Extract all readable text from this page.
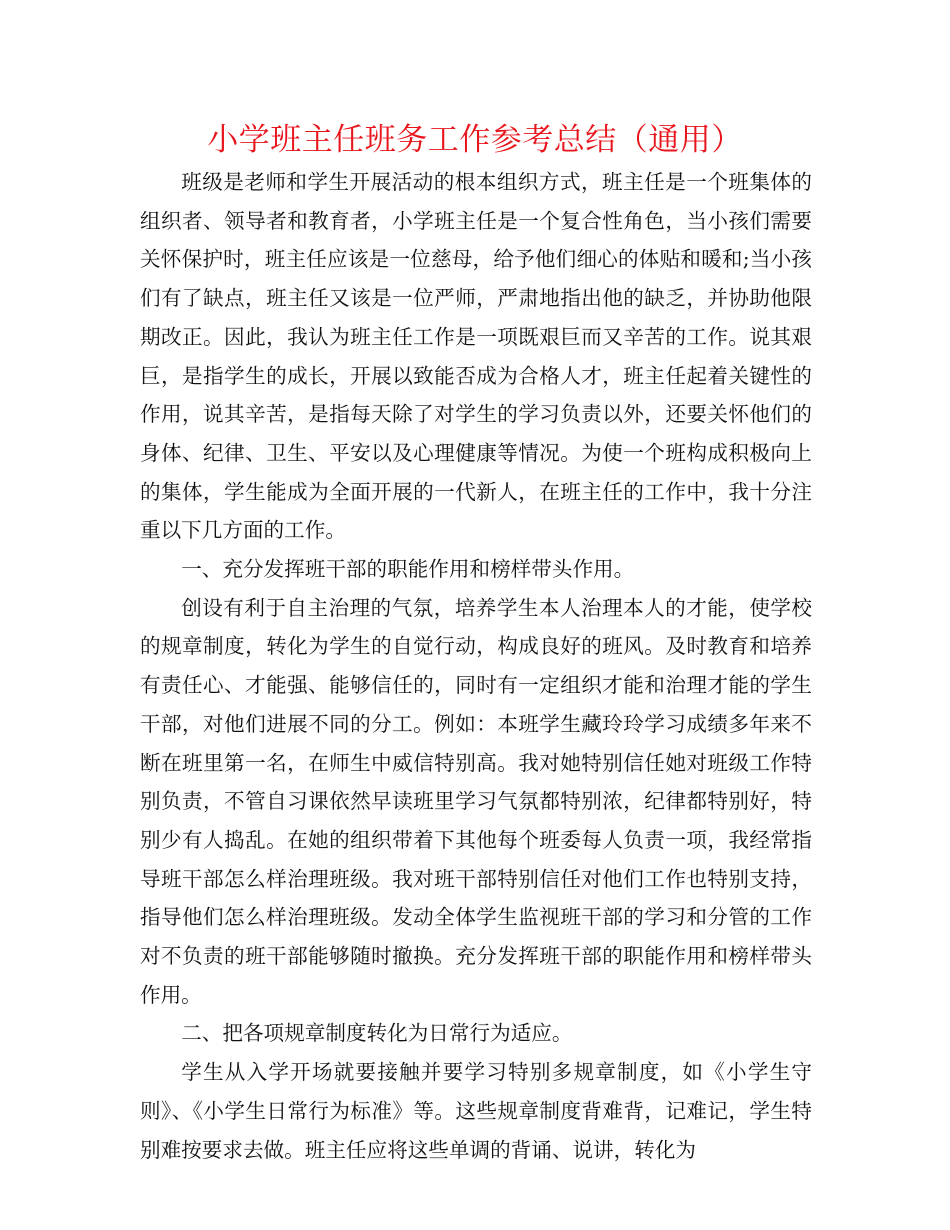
小学班主任班务工作参考总结（通用）

班级是老师和学生开展活动的根本组织方式，班主任是一个班集体的组织者、领导者和教育者，小学班主任是一个复合性角色，当小孩们需要关怀保护时，班主任应该是一位慈母，给予他们细心的体贴和暖和;当小孩们有了缺点，班主任又该是一位严师，严肃地指出他的缺乏，并协助他限期改正。因此，我认为班主任工作是一项既艰巨而又辛苦的工作。说其艰巨，是指学生的成长，开展以致能否成为合格人才，班主任起着关键性的作用，说其辛苦，是指每天除了对学生的学习负责以外，还要关怀他们的身体、纪律、卫生、平安以及心理健康等情况。为使一个班构成积极向上的集体，学生能成为全面开展的一代新人，在班主任的工作中，我十分注重以下几方面的工作。

一、充分发挥班干部的职能作用和榜样带头作用。

创设有利于自主治理的气氛，培养学生本人治理本人的才能，使学校的规章制度，转化为学生的自觉行动，构成良好的班风。及时教育和培养有责任心、才能强、能够信任的，同时有一定组织才能和治理才能的学生干部，对他们进展不同的分工。例如：本班学生藏玲玲学习成绩多年来不断在班里第一名，在师生中威信特别高。我对她特别信任她对班级工作特别负责，不管自习课依然早读班里学习气氛都特别浓，纪律都特别好，特别少有人捣乱。在她的组织带着下其他每个班委每人负责一项，我经常指导班干部怎么样治理班级。我对班干部特别信任对他们工作也特别支持，指导他们怎么样治理班级。发动全体学生监视班干部的学习和分管的工作对不负责的班干部能够随时撤换。充分发挥班干部的职能作用和榜样带头作用。

二、把各项规章制度转化为日常行为适应。

学生从入学开场就要接触并要学习特别多规章制度，如《小学生守则》、《小学生日常行为标准》等。这些规章制度背难背，记难记，学生特别难按要求去做。班主任应将这些单调的背诵、说讲，转化为
